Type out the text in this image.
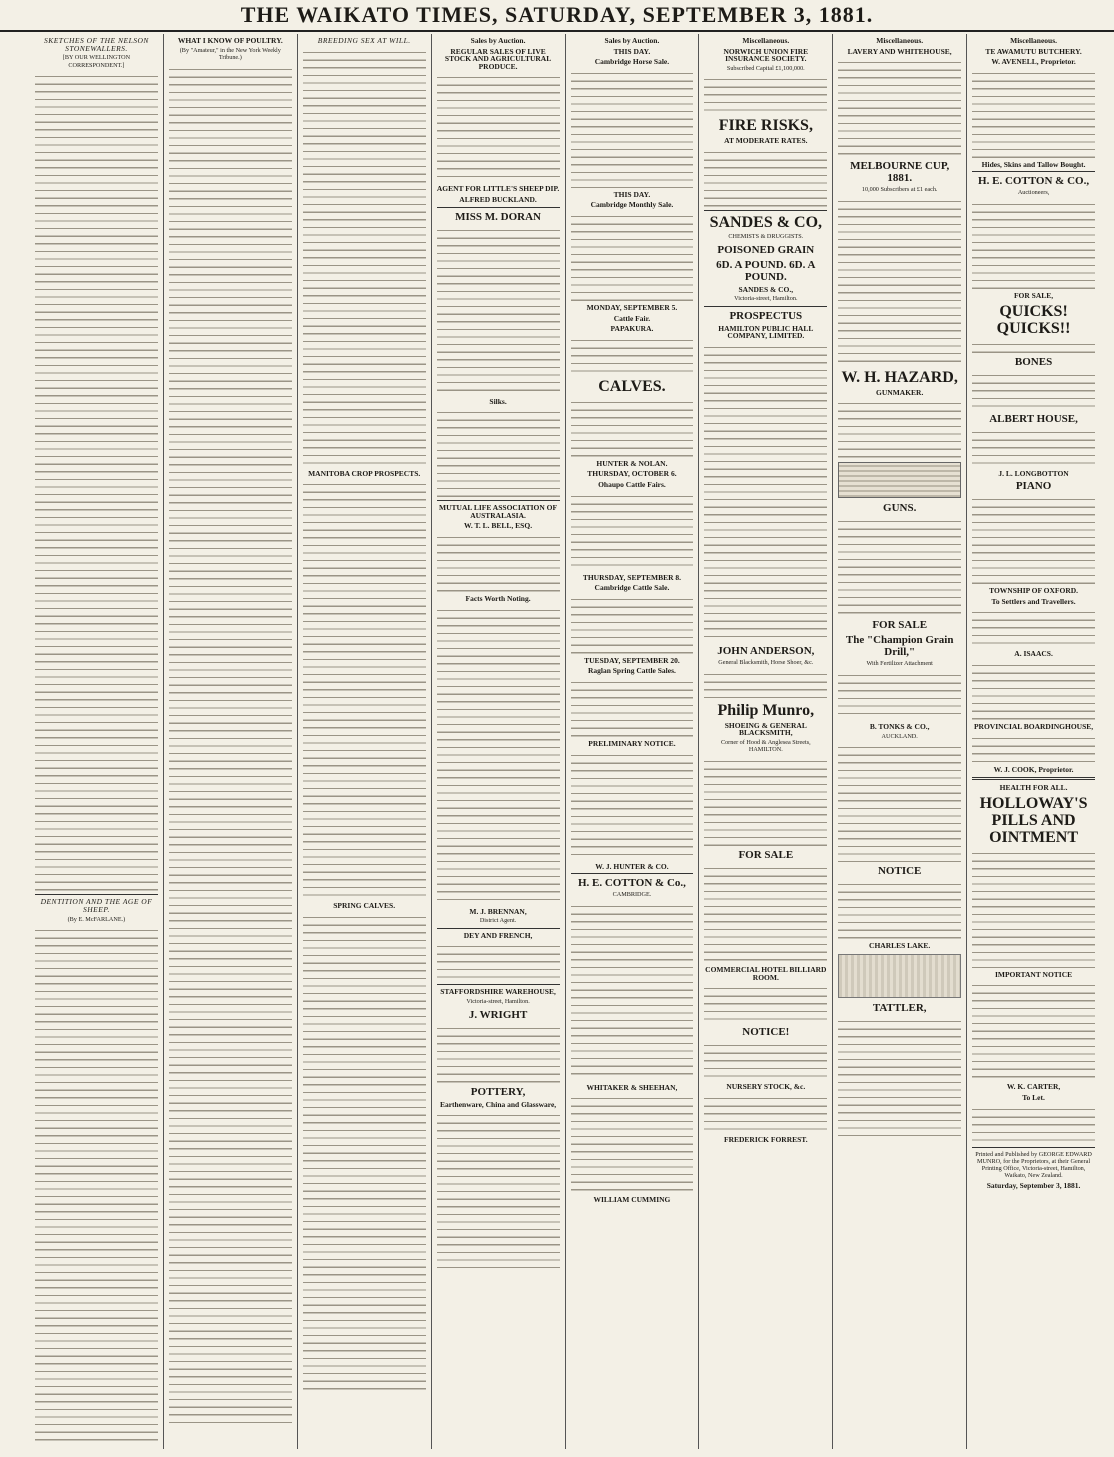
THE WAIKATO TIMES, SATURDAY, SEPTEMBER 3, 1881.
SKETCHES OF THE NELSON STONEWALLERS.
[BY OUR WELLINGTON CORRESPONDENT.]
DENTITION AND THE AGE OF SHEEP.
(By E. McFARLANE.)
WHAT I KNOW OF POULTRY.
(By "Amateur," in the New York Weekly Tribune.)
BREEDING SEX AT WILL.
MANITOBA CROP PROSPECTS.
SPRING CALVES.
Sales by Auction.
REGULAR SALES OF LIVE STOCK AND AGRICULTURAL PRODUCE.
AGENT FOR LITTLE'S SHEEP DIP.
ALFRED BUCKLAND.
MISS M. DORAN
Silks.
MUTUAL LIFE ASSOCIATION OF AUSTRALASIA.
W. T. L. BELL, ESQ.
Facts Worth Noting.
M. J. BRENNAN,
District Agent.
DEY AND FRENCH,
STAFFORDSHIRE WAREHOUSE,
Victoria-street, Hamilton.
J. WRIGHT
POTTERY,
Earthenware, China and Glassware,
Sales by Auction.
THIS DAY.
Cambridge Horse Sale.
THIS DAY.
Cambridge Monthly Sale.
MONDAY, SEPTEMBER 5.
Cattle Fair.
PAPAKURA.
CALVES.
HUNTER & NOLAN.
THURSDAY, OCTOBER 6.
Ohaupo Cattle Fairs.
THURSDAY, SEPTEMBER 8.
Cambridge Cattle Sale.
TUESDAY, SEPTEMBER 20.
Raglan Spring Cattle Sales.
PRELIMINARY NOTICE.
W. J. HUNTER & CO.
H. E. COTTON & Co.,
CAMBRIDGE.
WHITAKER & SHEEHAN,
WILLIAM CUMMING
Miscellaneous.
NORWICH UNION FIRE INSURANCE SOCIETY.
Subscribed Capital £1,100,000.
FIRE RISKS,
AT MODERATE RATES.
SANDES & CO,
CHEMISTS & DRUGGISTS.
POISONED GRAIN
6D. A POUND. 6D. A POUND.
SANDES & CO.,
Victoria-street, Hamilton.
PROSPECTUS
HAMILTON PUBLIC HALL COMPANY, LIMITED.
JOHN ANDERSON,
General Blacksmith, Horse Shoer, &c.
Philip Munro,
SHOEING & GENERAL BLACKSMITH,
Corner of Hood & Anglesea Streets, HAMILTON.
FOR SALE
COMMERCIAL HOTEL BILLIARD ROOM.
NOTICE!
NURSERY STOCK, &c.
FREDERICK FORREST.
Miscellaneous.
LAVERY AND WHITEHOUSE,
MELBOURNE CUP, 1881.
10,000 Subscribers at £1 each.
W. H. HAZARD,
GUNMAKER.
GUNS.
FOR SALE
The "Champion Grain Drill,"
With Fertilizer Attachment
B. TONKS & CO.,
AUCKLAND.
NOTICE
CHARLES LAKE.
TATTLER,
Miscellaneous.
TE AWAMUTU BUTCHERY.
W. AVENELL, Proprietor.
Hides, Skins and Tallow Bought.
H. E. COTTON & CO.,
Auctioneers,
FOR SALE,
QUICKS! QUICKS!!
BONES
ALBERT HOUSE,
J. L. LONGBOTTON
PIANO
TOWNSHIP OF OXFORD.
To Settlers and Travellers.
A. ISAACS.
PROVINCIAL BOARDINGHOUSE,
W. J. COOK, Proprietor.
HEALTH FOR ALL.
HOLLOWAY'S PILLS AND OINTMENT
IMPORTANT NOTICE
W. K. CARTER,
To Let.
Printed and Published by GEORGE EDWARD MUNRO, for the Proprietors, at their General Printing Office, Victoria-street, Hamilton, Waikato, New Zealand.
Saturday, September 3, 1881.
